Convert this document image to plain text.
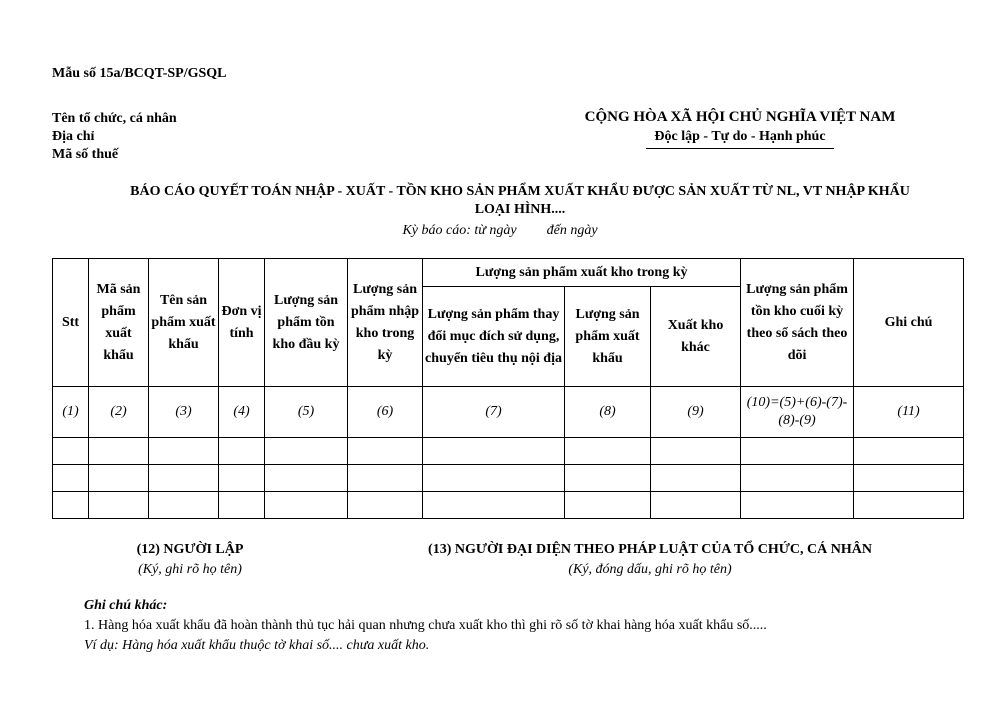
Mẫu số 15a/BCQT-SP/GSQL
Tên tổ chức, cá nhân
Địa chỉ
Mã số thuế
CỘNG HÒA XÃ HỘI CHỦ NGHĨA VIỆT NAM
Độc lập - Tự do - Hạnh phúc
BÁO CÁO QUYẾT TOÁN NHẬP - XUẤT - TỒN KHO SẢN PHẨM XUẤT KHẨU ĐƯỢC SẢN XUẤT TỪ NL, VT NHẬP KHẨU
LOẠI HÌNH....
Kỳ báo cáo: từ ngày đến ngày
Stt	Mã sản phẩm xuất khẩu	Tên sản phẩm xuất khẩu	Đơn vị tính	Lượng sản phẩm tồn kho đầu kỳ	Lượng sản phẩm nhập kho trong kỳ	Lượng sản phẩm xuất kho trong kỳ			Lượng sản phẩm tồn kho cuối kỳ theo sổ sách theo dõi	Ghi chú
						Lượng sản phẩm thay đổi mục đích sử dụng, chuyển tiêu thụ nội địa	Lượng sản phẩm xuất khẩu	Xuất kho khác		
(1)	(2)	(3)	(4)	(5)	(6)	(7)	(8)	(9)	(10)=(5)+(6)-(7)-(8)-(9)	(11)

(12) NGƯỜI LẬP
(Ký, ghi rõ họ tên)
(13) NGƯỜI ĐẠI DIỆN THEO PHÁP LUẬT CỦA TỔ CHỨC, CÁ NHÂN
(Ký, đóng dấu, ghi rõ họ tên)
Ghi chú khác:
1. Hàng hóa xuất khẩu đã hoàn thành thủ tục hải quan nhưng chưa xuất kho thì ghi rõ số tờ khai hàng hóa xuất khẩu số.....
Ví dụ: Hàng hóa xuất khẩu thuộc tờ khai số.... chưa xuất kho.
